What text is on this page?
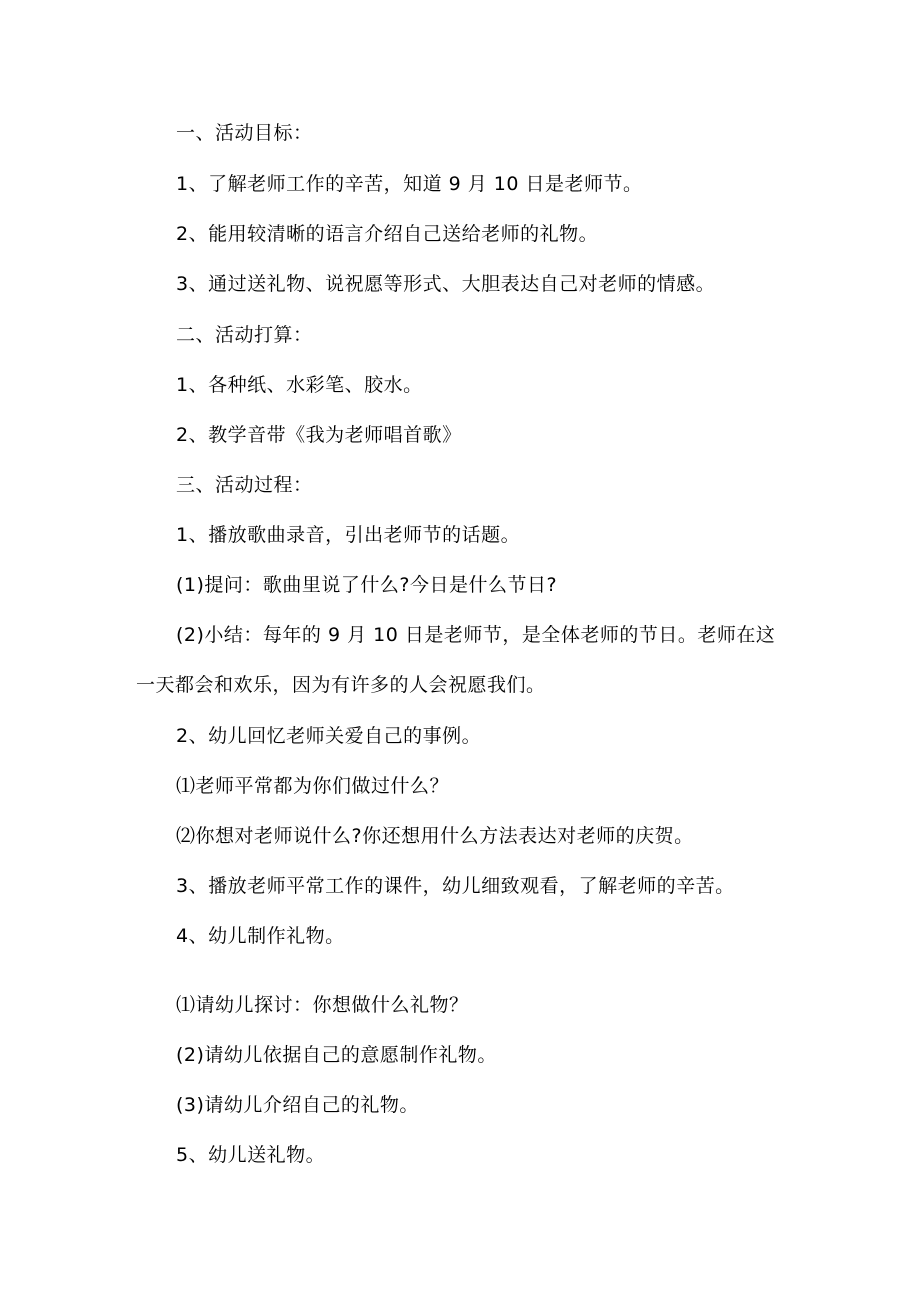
一、活动目标：
1、了解老师工作的辛苦，知道 9 月 10 日是老师节。
2、能用较清晰的语言介绍自己送给老师的礼物。
3、通过送礼物、说祝愿等形式、大胆表达自己对老师的情感。
二、活动打算：
1、各种纸、水彩笔、胶水。
2、教学音带《我为老师唱首歌》
三、活动过程：
1、播放歌曲录音，引出老师节的话题。
(1)提问：歌曲里说了什么?今日是什么节日?
(2)小结：每年的 9 月 10 日是老师节，是全体老师的节日。老师在这
一天都会和欢乐，因为有许多的人会祝愿我们。
2、幼儿回忆老师关爱自己的事例。
⑴老师平常都为你们做过什么？
⑵你想对老师说什么?你还想用什么方法表达对老师的庆贺。
3、播放老师平常工作的课件，幼儿细致观看，了解老师的辛苦。
4、幼儿制作礼物。
⑴请幼儿探讨：你想做什么礼物？
(2)请幼儿依据自己的意愿制作礼物。
(3)请幼儿介绍自己的礼物。
5、幼儿送礼物。
